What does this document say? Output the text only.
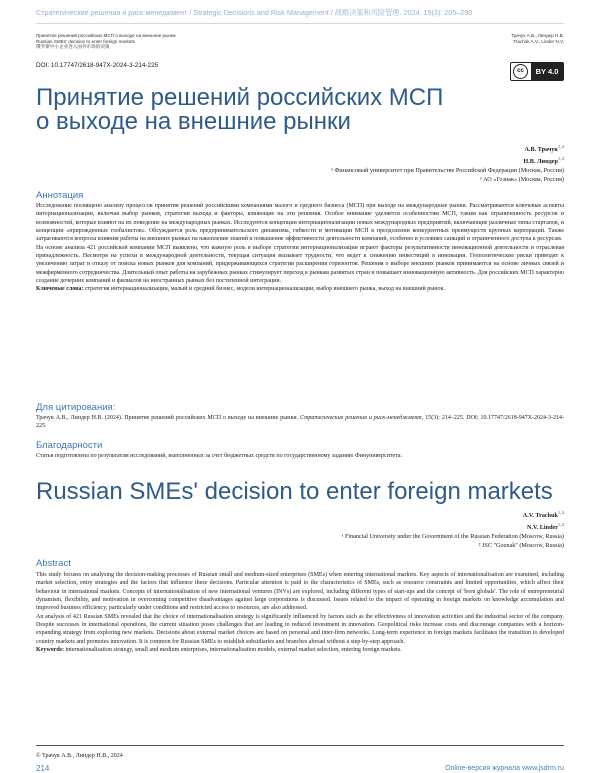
Стратегические решения и риск-менеджмент / Strategic Decisions and Risk Management / 战略决策和风险管理. 2024. 15(3): 205–290
Принятие решений российских МСП о выходе на внешние рынки
Russian SMEs' decision to enter foreign markets
俄罗斯中小企业进入国外市场的决策
Трачук А.В., Линдер Н.В.
Trachuk A.V., Linder N.V.
DOI: 10.17747/2618-947X-2024-3-214-225
cc	BY 4.0
Принятие решений российских МСП
о выходе на внешние рынки
А.В. Трачук$^{1, 2}$
Н.В. Линдер$^{1, 2}$
¹ Финансовый университет при Правительстве Российской Федерации (Москва, Россия)
² АО «Гознак» (Москва, Россия)
Аннотация

Исследование посвящено анализу процессов принятия решений российскими компаниями малого и среднего бизнеса (МСП) при выходе на международные рынки. Рассматриваются ключевые аспекты интернационализации, включая выбор рынков, стратегии выхода и факторы, влияющие на эти решения. Особое внимание уделяется особенностям МСП, таким как ограниченность ресурсов и возможностей, которые влияют на их поведение на международных рынках. Исследуются концепции интернационализации новых международных предприятий, включающие различные типы стартапов, и концепции «прирожденных глобалистов». Обсуждается роль предпринимательского динамизма, гибкости и мотивации МСП в преодолении конкурентных преимуществ крупных корпораций. Также затрагиваются вопросы влияния работы на внешних рынках на накопление знаний и повышение эффективности деятельности компаний, особенно в условиях санкций и ограниченного доступа к ресурсам.

На основе анализа 421 российской компании МСП выявлено, что важную роль в выборе стратегии интернационализации играют факторы результативности инновационной деятельности и отраслевая принадлежность. Несмотря на успехи в международной деятельности, текущая ситуация вызывает трудности, что ведет к снижению инвестиций в инновации. Геополитические риски приводят к увеличению затрат и отказу от поиска новых рынков для компаний, придерживающихся стратегии расширения горизонтов. Решения о выборе внешних рынков принимаются на основе личных связей и межфирменного сотрудничества. Длительный опыт работы на зарубежных рынках стимулирует переход к рынкам развитых стран и повышает инновационную активность. Для российских МСП характерно создание дочерних компаний и филиалов на иностранных рынках без постепенной интеграции.

Ключевые слова: стратегия интернационализации, малый и средний бизнес, модели интернационализации, выбор внешнего рынка, выход на внешний рынок.

Для цитирования:
Трачук А.В., Линдер Н.В. (2024). Принятие решений российских МСП о выходе на внешние рынки. Стратегические решения и риск-менеджмент, 15(3): 214–225. DOI: 10.17747/2618-947X-2024-3-214-225.
Благодарности
Статья подготовлена по результатам исследований, выполненных за счет бюджетных средств по государственному заданию Финуниверситета.
Russian SMEs' decision to enter foreign markets
A.V. Trachuk$^{1, 2}$
N.V. Linder$^{1, 2}$
¹ Financial University under the Government of the Russian Federation (Moscow, Russia)
² JSC "Goznak" (Moscow, Russia)
Abstract

This study focuses on analysing the decision-making processes of Russian small and medium-sized enterprises (SMEs) when entering international markets. Key aspects of internationalisation are examined, including market selection, entry strategies and the factors that influence these decisions. Particular attention is paid to the characteristics of SMEs, such as resource constraints and limited opportunities, which affect their behaviour in international markets. Concepts of internationalisation of new international ventures (INVs) are explored, including different types of start-ups and the concept of 'born globals'. The role of entrepreneurial dynamism, flexibility, and motivation in overcoming competitive disadvantages against large corporations is discussed. Issues related to the impact of operating in foreign markets on knowledge accumulation and improved business efficiency, particularly under conditions and restricted access to resources, are also addressed.

An analysis of 421 Russian SMEs revealed that the choice of internationalisation strategy is significantly influenced by factors such as the effectiveness of innovation activities and the industrial sector of the company. Despite successes in international operations, the current situation poses challenges that are leading to reduced investment in innovation. Geopolitical risks increase costs and discourage companies with a horizon-expanding strategy from exploring new markets. Decisions about external market choices are based on personal and inter-firm networks. Long-term experience in foreign markets facilitates the transition to developed country markets and promotes innovation. It is common for Russian SMEs to establish subsidiaries and branches abroad without a step-by-step approach.

Keywords: internationalisation strategy, small and medium enterprises, internationalisation models, external market selection, entering foreign markets.

© Трачук А.В., Линдер Н.В., 2024
214	Online-версия журнала www.jsdrm.ru
